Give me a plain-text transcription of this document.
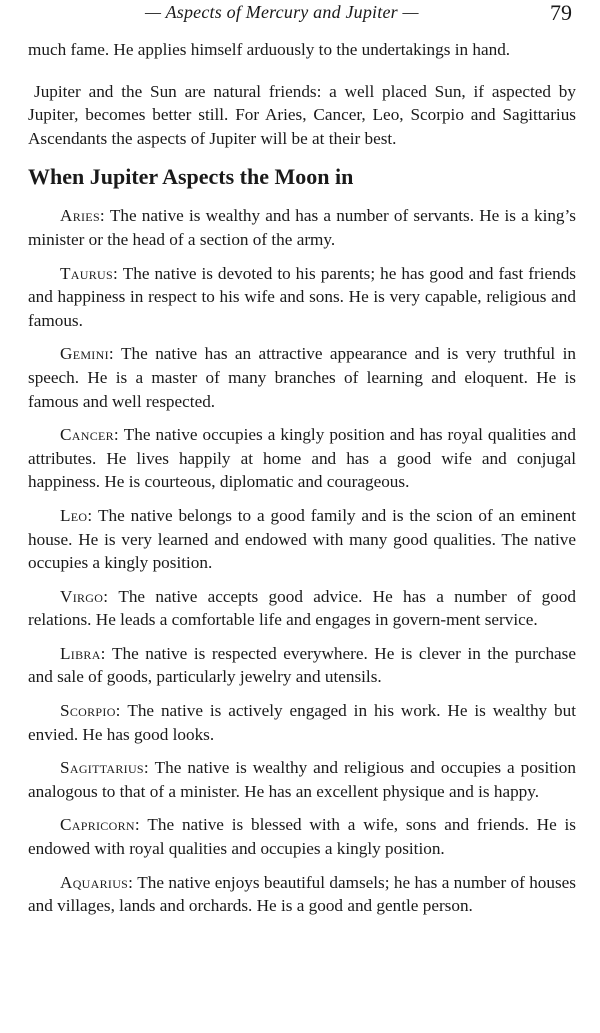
— Aspects of Mercury and Jupiter —	79

much fame. He applies himself arduously to the undertakings in hand.

Jupiter and the Sun are natural friends: a well placed Sun, if aspected by Jupiter, becomes better still. For Aries, Cancer, Leo, Scorpio and Sagittarius Ascendants the aspects of Jupiter will be at their best.

When Jupiter Aspects the Moon in

Aries: The native is wealthy and has a number of servants. He is a king’s minister or the head of a section of the army.

Taurus: The native is devoted to his parents; he has good and fast friends and happiness in respect to his wife and sons. He is very capable, religious and famous.

Gemini: The native has an attractive appearance and is very truthful in speech. He is a master of many branches of learning and eloquent. He is famous and well respected.

Cancer: The native occupies a kingly position and has royal qualities and attributes. He lives happily at home and has a good wife and conjugal happiness. He is courteous, diplomatic and courageous.

Leo: The native belongs to a good family and is the scion of an eminent house. He is very learned and endowed with many good qualities. The native occupies a kingly position.

Virgo: The native accepts good advice. He has a number of good relations. He leads a comfortable life and engages in govern-ment service.

Libra: The native is respected everywhere. He is clever in the purchase and sale of goods, particularly jewelry and utensils.

Scorpio: The native is actively engaged in his work. He is wealthy but envied. He has good looks.

Sagittarius: The native is wealthy and religious and occupies a position analogous to that of a minister. He has an excellent physique and is happy.

Capricorn: The native is blessed with a wife, sons and friends. He is endowed with royal qualities and occupies a kingly position.

Aquarius: The native enjoys beautiful damsels; he has a number of houses and villages, lands and orchards. He is a good and gentle person.
